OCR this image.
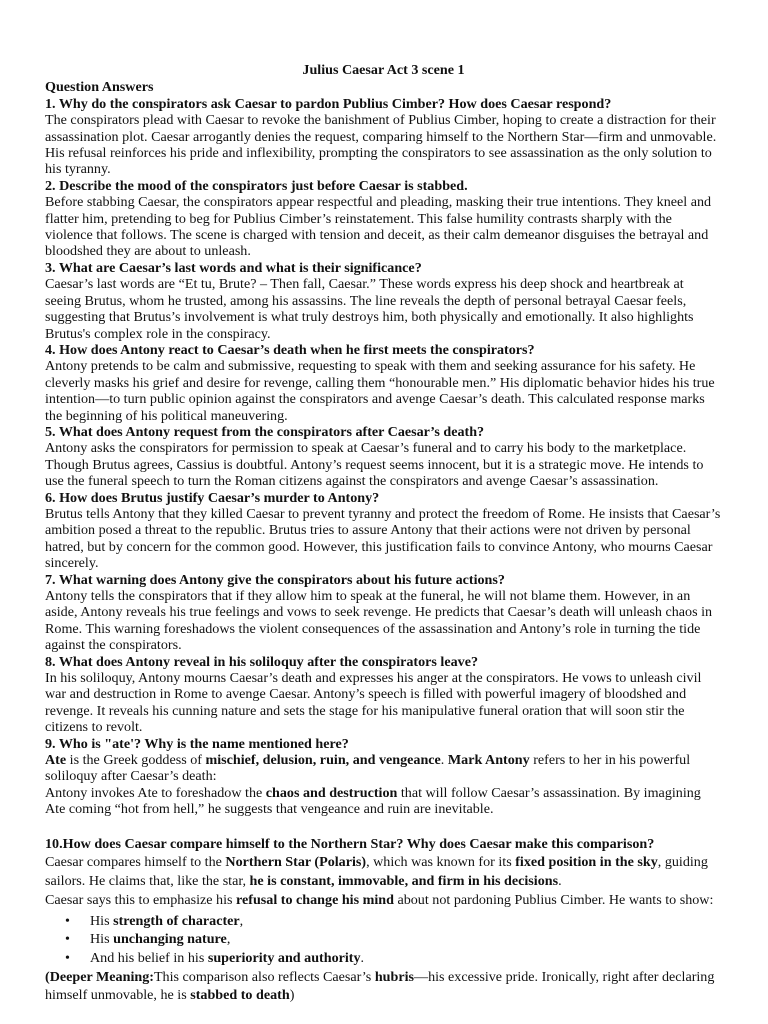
Julius Caesar Act 3 scene 1

Question Answers

1. Why do the conspirators ask Caesar to pardon Publius Cimber? How does Caesar respond?

The conspirators plead with Caesar to revoke the banishment of Publius Cimber, hoping to create a distraction for their assassination plot. Caesar arrogantly denies the request, comparing himself to the Northern Star—firm and unmovable. His refusal reinforces his pride and inflexibility, prompting the conspirators to see assassination as the only solution to his tyranny.

2. Describe the mood of the conspirators just before Caesar is stabbed.

Before stabbing Caesar, the conspirators appear respectful and pleading, masking their true intentions. They kneel and flatter him, pretending to beg for Publius Cimber’s reinstatement. This false humility contrasts sharply with the violence that follows. The scene is charged with tension and deceit, as their calm demeanor disguises the betrayal and bloodshed they are about to unleash.

3. What are Caesar’s last words and what is their significance?

Caesar’s last words are “Et tu, Brute? – Then fall, Caesar.” These words express his deep shock and heartbreak at seeing Brutus, whom he trusted, among his assassins. The line reveals the depth of personal betrayal Caesar feels, suggesting that Brutus’s involvement is what truly destroys him, both physically and emotionally. It also highlights Brutus's complex role in the conspiracy.

4. How does Antony react to Caesar’s death when he first meets the conspirators?

Antony pretends to be calm and submissive, requesting to speak with them and seeking assurance for his safety. He cleverly masks his grief and desire for revenge, calling them “honourable men.” His diplomatic behavior hides his true intention—to turn public opinion against the conspirators and avenge Caesar’s death. This calculated response marks the beginning of his political maneuvering.

5. What does Antony request from the conspirators after Caesar’s death?

Antony asks the conspirators for permission to speak at Caesar’s funeral and to carry his body to the marketplace. Though Brutus agrees, Cassius is doubtful. Antony’s request seems innocent, but it is a strategic move. He intends to use the funeral speech to turn the Roman citizens against the conspirators and avenge Caesar’s assassination.

6. How does Brutus justify Caesar’s murder to Antony?

Brutus tells Antony that they killed Caesar to prevent tyranny and protect the freedom of Rome. He insists that Caesar’s ambition posed a threat to the republic. Brutus tries to assure Antony that their actions were not driven by personal hatred, but by concern for the common good. However, this justification fails to convince Antony, who mourns Caesar sincerely.

7. What warning does Antony give the conspirators about his future actions?

Antony tells the conspirators that if they allow him to speak at the funeral, he will not blame them. However, in an aside, Antony reveals his true feelings and vows to seek revenge. He predicts that Caesar’s death will unleash chaos in Rome. This warning foreshadows the violent consequences of the assassination and Antony’s role in turning the tide against the conspirators.

8. What does Antony reveal in his soliloquy after the conspirators leave?

In his soliloquy, Antony mourns Caesar’s death and expresses his anger at the conspirators. He vows to unleash civil war and destruction in Rome to avenge Caesar. Antony’s speech is filled with powerful imagery of bloodshed and revenge. It reveals his cunning nature and sets the stage for his manipulative funeral oration that will soon stir the citizens to revolt.

9. Who is "ate'? Why is the name mentioned here?

Ate is the Greek goddess of mischief, delusion, ruin, and vengeance. Mark Antony refers to her in his powerful soliloquy after Caesar’s death:

Antony invokes Ate to foreshadow the chaos and destruction that will follow Caesar’s assassination. By imagining Ate coming “hot from hell,” he suggests that vengeance and ruin are inevitable.

10.How does Caesar compare himself to the Northern Star? Why does Caesar make this comparison?

Caesar compares himself to the Northern Star (Polaris), which was known for its fixed position in the sky, guiding sailors. He claims that, like the star, he is constant, immovable, and firm in his decisions.

Caesar says this to emphasize his refusal to change his mind about not pardoning Publius Cimber. He wants to show:

• His strength of character,
• His unchanging nature,
• And his belief in his superiority and authority.

(Deeper Meaning:This comparison also reflects Caesar’s hubris—his excessive pride. Ironically, right after declaring himself unmovable, he is stabbed to death)
